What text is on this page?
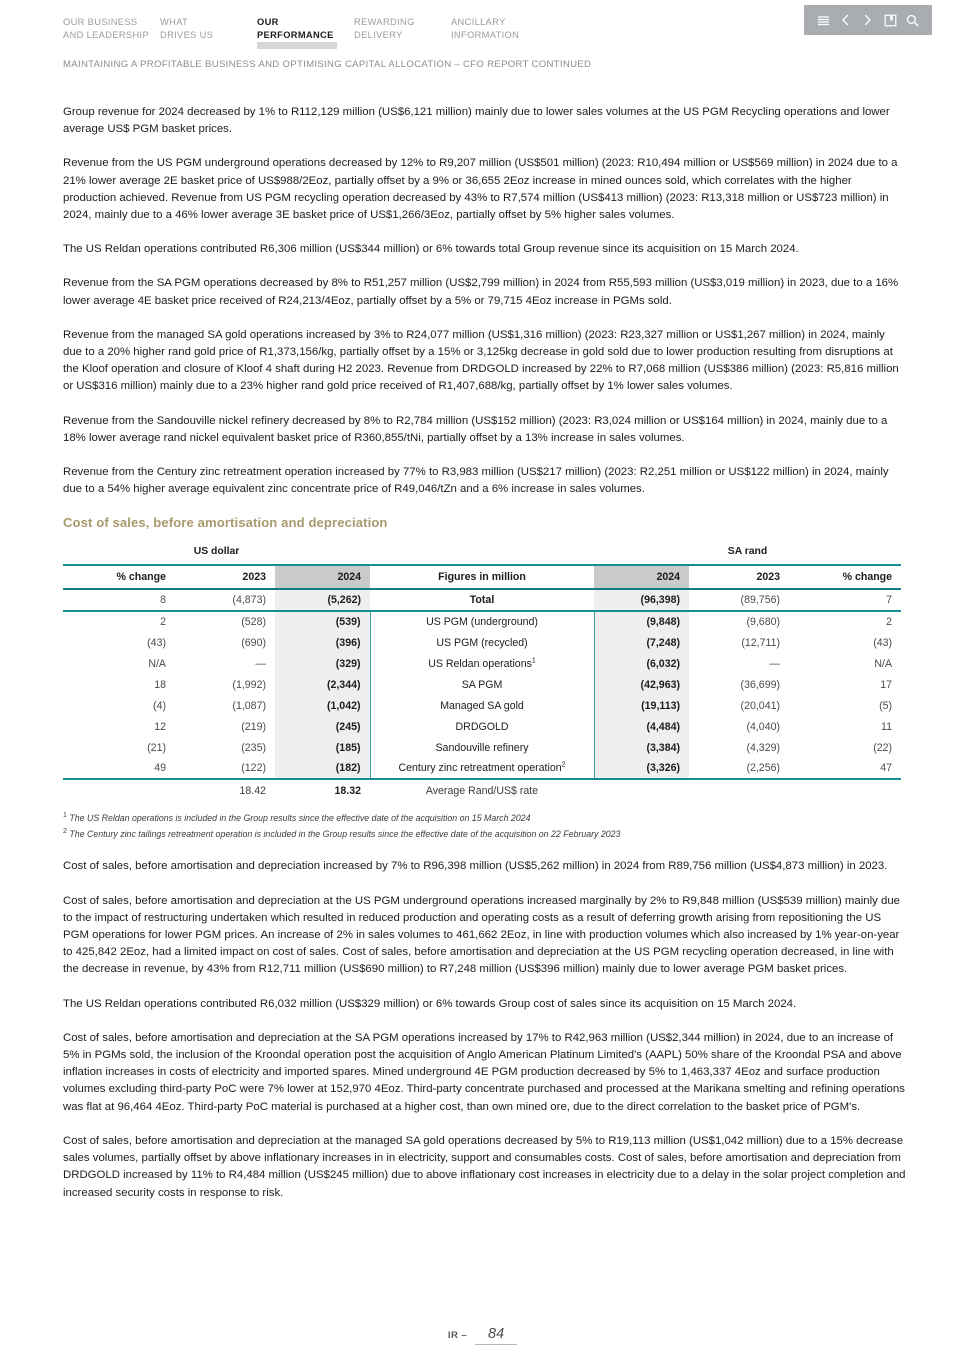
OUR BUSINESS
AND LEADERSHIP
WHAT
DRIVES US
OUR
PERFORMANCE
REWARDING
DELIVERY
ANCILLARY
INFORMATION
MAINTAINING A PROFITABLE BUSINESS AND OPTIMISING CAPITAL ALLOCATION – CFO REPORT CONTINUED

Group revenue for 2024 decreased by 1% to R112,129 million (US$6,121 million) mainly due to lower sales volumes at the US PGM Recycling operations and lower average US$ PGM basket prices.

Revenue from the US PGM underground operations decreased by 12% to R9,207 million (US$501 million) (2023: R10,494 million or US$569 million) in 2024 due to a 21% lower average 2E basket price of US$988/2Eoz, partially offset by a 9% or 36,655 2Eoz increase in mined ounces sold, which correlates with the higher production achieved. Revenue from US PGM recycling operation decreased by 43% to R7,574 million (US$413 million) (2023: R13,318 million or US$723 million) in 2024, mainly due to a 46% lower average 3E basket price of US$1,266/3Eoz, partially offset by 5% higher sales volumes.

The US Reldan operations contributed R6,306 million (US$344 million) or 6% towards total Group revenue since its acquisition on 15 March 2024.

Revenue from the SA PGM operations decreased by 8% to R51,257 million (US$2,799 million) in 2024 from R55,593 million (US$3,019 million) in 2023, due to a 16% lower average 4E basket price received of R24,213/4Eoz, partially offset by a 5% or 79,715 4Eoz increase in PGMs sold.

Revenue from the managed SA gold operations increased by 3% to R24,077 million (US$1,316 million) (2023: R23,327 million or US$1,267 million) in 2024, mainly due to a 20% higher rand gold price of R1,373,156/kg, partially offset by a 15% or 3,125kg decrease in gold sold due to lower production resulting from disruptions at the Kloof operation and closure of Kloof 4 shaft during H2 2023. Revenue from DRDGOLD increased by 22% to R7,068 million (US$386 million) (2023: R5,816 million or US$316 million) mainly due to a 23% higher rand gold price received of R1,407,688/kg, partially offset by 1% lower sales volumes.

Revenue from the Sandouville nickel refinery decreased by 8% to R2,784 million (US$152 million) (2023: R3,024 million or US$164 million) in 2024, mainly due to a 18% lower average rand nickel equivalent basket price of R360,855/tNi, partially offset by a 13% increase in sales volumes.

Revenue from the Century zinc retreatment operation increased by 77% to R3,983 million (US$217 million) (2023: R2,251 million or US$122 million) in 2024, mainly due to a 54% higher average equivalent zinc concentrate price of R49,046/tZn and a 6% increase in sales volumes.

Cost of sales, before amortisation and depreciation
US dollar				SA rand		
% change	2023	2024	Figures in million	2024	2023	% change
8	(4,873)	(5,262)	Total	(96,398)	(89,756)	7
2	(528)	(539)	US PGM (underground)	(9,848)	(9,680)	2
(43)	(690)	(396)	US PGM (recycled)	(7,248)	(12,711)	(43)
N/A	—	(329)	US Reldan operations$^1$	(6,032)	—	N/A
18	(1,992)	(2,344)	SA PGM	(42,963)	(36,699)	17
(4)	(1,087)	(1,042)	Managed SA gold	(19,113)	(20,041)	(5)
12	(219)	(245)	DRDGOLD	(4,484)	(4,040)	11
(21)	(235)	(185)	Sandouville refinery	(3,384)	(4,329)	(22)
49	(122)	(182)	Century zinc retreatment operation$^2$	(3,326)	(2,256)	47
	18.42	18.32	Average Rand/US$ rate			

$^1$ The US Reldan operations is included in the Group results since the effective date of the acquisition on 15 March 2024

$^2$ The Century zinc tailings retreatment operation is included in the Group results since the effective date of the acquisition on 22 February 2023

Cost of sales, before amortisation and depreciation increased by 7% to R96,398 million (US$5,262 million) in 2024 from R89,756 million (US$4,873 million) in 2023.

Cost of sales, before amortisation and depreciation at the US PGM underground operations increased marginally by 2% to R9,848 million (US$539 million) mainly due to the impact of restructuring undertaken which resulted in reduced production and operating costs as a result of deferring growth arising from repositioning the US PGM operations for lower PGM prices. An increase of 2% in sales volumes to 461,662 2Eoz, in line with production volumes which also increased by 1% year-on-year to 425,842 2Eoz, had a limited impact on cost of sales. Cost of sales, before amortisation and depreciation at the US PGM recycling operation decreased, in line with the decrease in revenue, by 43% from R12,711 million (US$690 million) to R7,248 million (US$396 million) mainly due to lower average PGM basket prices.

The US Reldan operations contributed R6,032 million (US$329 million) or 6% towards Group cost of sales since its acquisition on 15 March 2024.

Cost of sales, before amortisation and depreciation at the SA PGM operations increased by 17% to R42,963 million (US$2,344 million) in 2024, due to an increase of 5% in PGMs sold, the inclusion of the Kroondal operation post the acquisition of Anglo American Platinum Limited's (AAPL) 50% share of the Kroondal PSA and above inflation increases in costs of electricity and imported spares. Mined underground 4E PGM production decreased by 5% to 1,463,337 4Eoz and surface production volumes excluding third-party PoC were 7% lower at 152,970 4Eoz. Third-party concentrate purchased and processed at the Marikana smelting and refining operations was flat at 96,464 4Eoz. Third-party PoC material is purchased at a higher cost, than own mined ore, due to the direct correlation to the basket price of PGM's.

Cost of sales, before amortisation and depreciation at the managed SA gold operations decreased by 5% to R19,113 million (US$1,042 million) due to a 15% decrease sales volumes, partially offset by above inflationary increases in in electricity, support and consumables costs. Cost of sales, before amortisation and depreciation from DRDGOLD increased by 11% to R4,484 million (US$245 million) due to above inflationary cost increases in electricity due to a delay in the solar project completion and increased security costs in response to risk.

IR –	84
